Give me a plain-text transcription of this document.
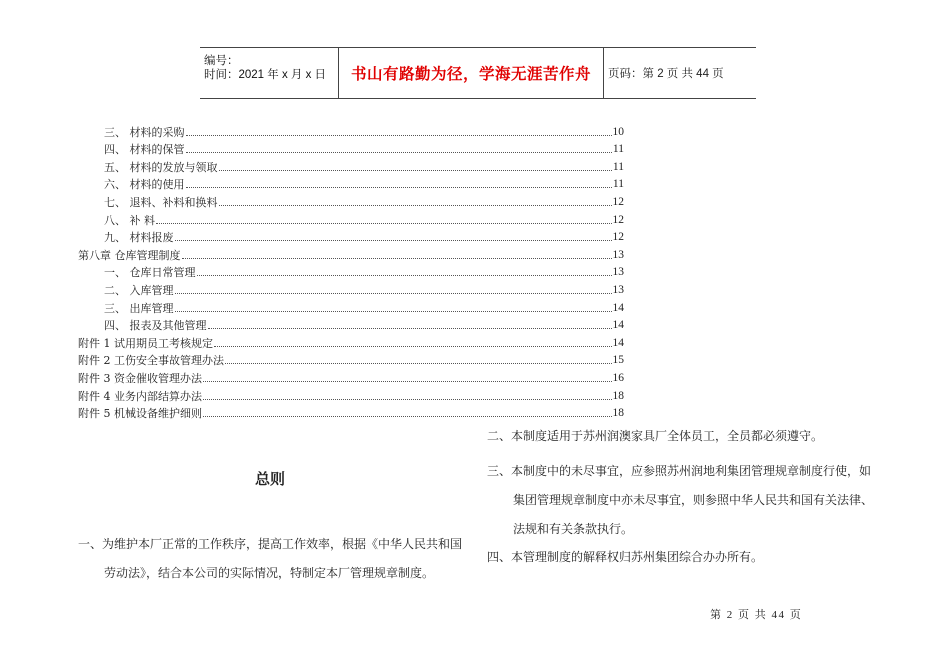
编号：
时间：2021 年 x 月 x 日	书山有路勤为径，学海无涯苦作舟	页码：第 2 页 共 44 页
三、 材料的采购	10
四、 材料的保管	11
五、 材料的发放与领取	11
六、 材料的使用	11
七、 退料、补料和换料	12
八、 补 料	12
九、 材料报废	12
第八章 仓库管理制度	13
一、 仓库日常管理	13
二、 入库管理	13
三、 出库管理	14
四、 报表及其他管理	14
附件 1 试用期员工考核规定	14
附件 2 工伤安全事故管理办法	15
附件 3 资金催收管理办法	16
附件 4 业务内部结算办法	18
附件 5 机械设备维护细则	18
总则
一、为维护本厂正常的工作秩序，提高工作效率，根据《中华人民共和国
劳动法》，结合本公司的实际情况，特制定本厂管理规章制度。
二、本制度适用于苏州润澳家具厂全体员工，全员都必须遵守。
三、本制度中的未尽事宜，应参照苏州润地利集团管理规章制度行使，如
集团管理规章制度中亦未尽事宜，则参照中华人民共和国有关法律、
法规和有关条款执行。
四、本管理制度的解释权归苏州集团综合办办所有。
第 2 页 共 44 页
